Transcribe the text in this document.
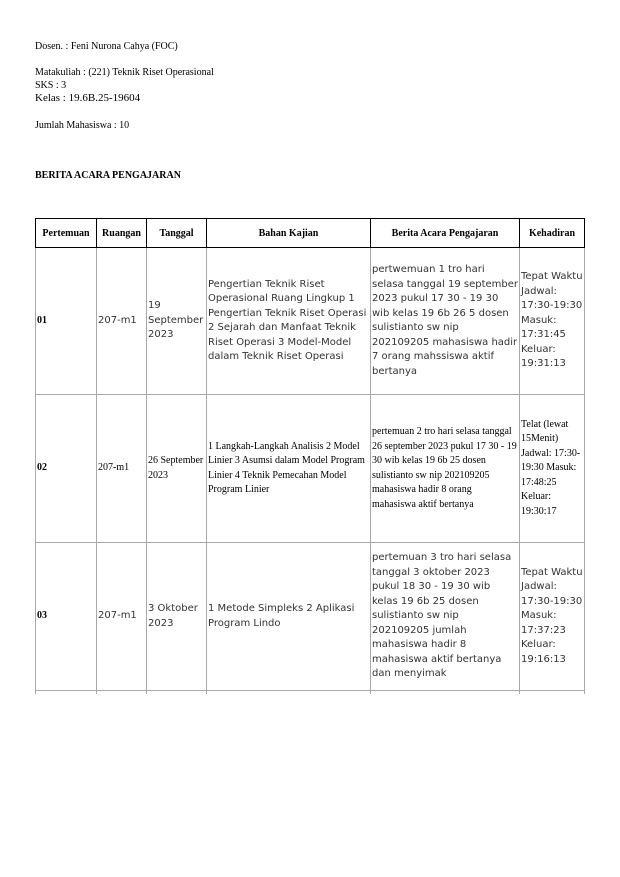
Dosen. : Feni Nurona Cahya (FOC)
Matakuliah : (221) Teknik Riset Operasional
SKS : 3
Kelas : 19.6B.25-19604
Jumlah Mahasiswa : 10
BERITA ACARA PENGAJARAN
Pertemuan	Ruangan	Tanggal	Bahan Kajian	Berita Acara Pengajaran	Kehadiran
01	207-m1	19 September 2023	Pengertian Teknik Riset Operasional Ruang Lingkup 1 Pengertian Teknik Riset Operasi 2 Sejarah dan Manfaat Teknik Riset Operasi 3 Model-Model dalam Teknik Riset Operasi	pertwemuan 1 tro hari selasa tanggal 19 september 2023 pukul 17 30 - 19 30 wib kelas 19 6b 26 5 dosen sulistianto sw nip 202109205 mahasiswa hadir 7 orang mahssiswa aktif bertanya	Tepat Waktu Jadwal: 17:30-19:30 Masuk: 17:31:45 Keluar: 19:31:13
02	207-m1	26 September 2023	1 Langkah-Langkah Analisis 2 Model Linier 3 Asumsi dalam Model Program Linier 4 Teknik Pemecahan Model Program Linier	pertemuan 2 tro hari selasa tanggal 26 september 2023 pukul 17 30 - 19 30 wib kelas 19 6b 25 dosen sulistianto sw nip 202109205 mahasiswa hadir 8 orang mahasiswa aktif bertanya	Telat (lewat 15Menit) Jadwal: 17:30-19:30 Masuk: 17:48:25 Keluar: 19:30:17
03	207-m1	3 Oktober 2023	1 Metode Simpleks 2 Aplikasi Program Lindo	pertemuan 3 tro hari selasa tanggal 3 oktober 2023 pukul 18 30 - 19 30 wib kelas 19 6b 25 dosen sulistianto sw nip 202109205 jumlah mahasiswa hadir 8 mahasiswa aktif bertanya dan menyimak	Tepat Waktu Jadwal: 17:30-19:30 Masuk: 17:37:23 Keluar: 19:16:13
